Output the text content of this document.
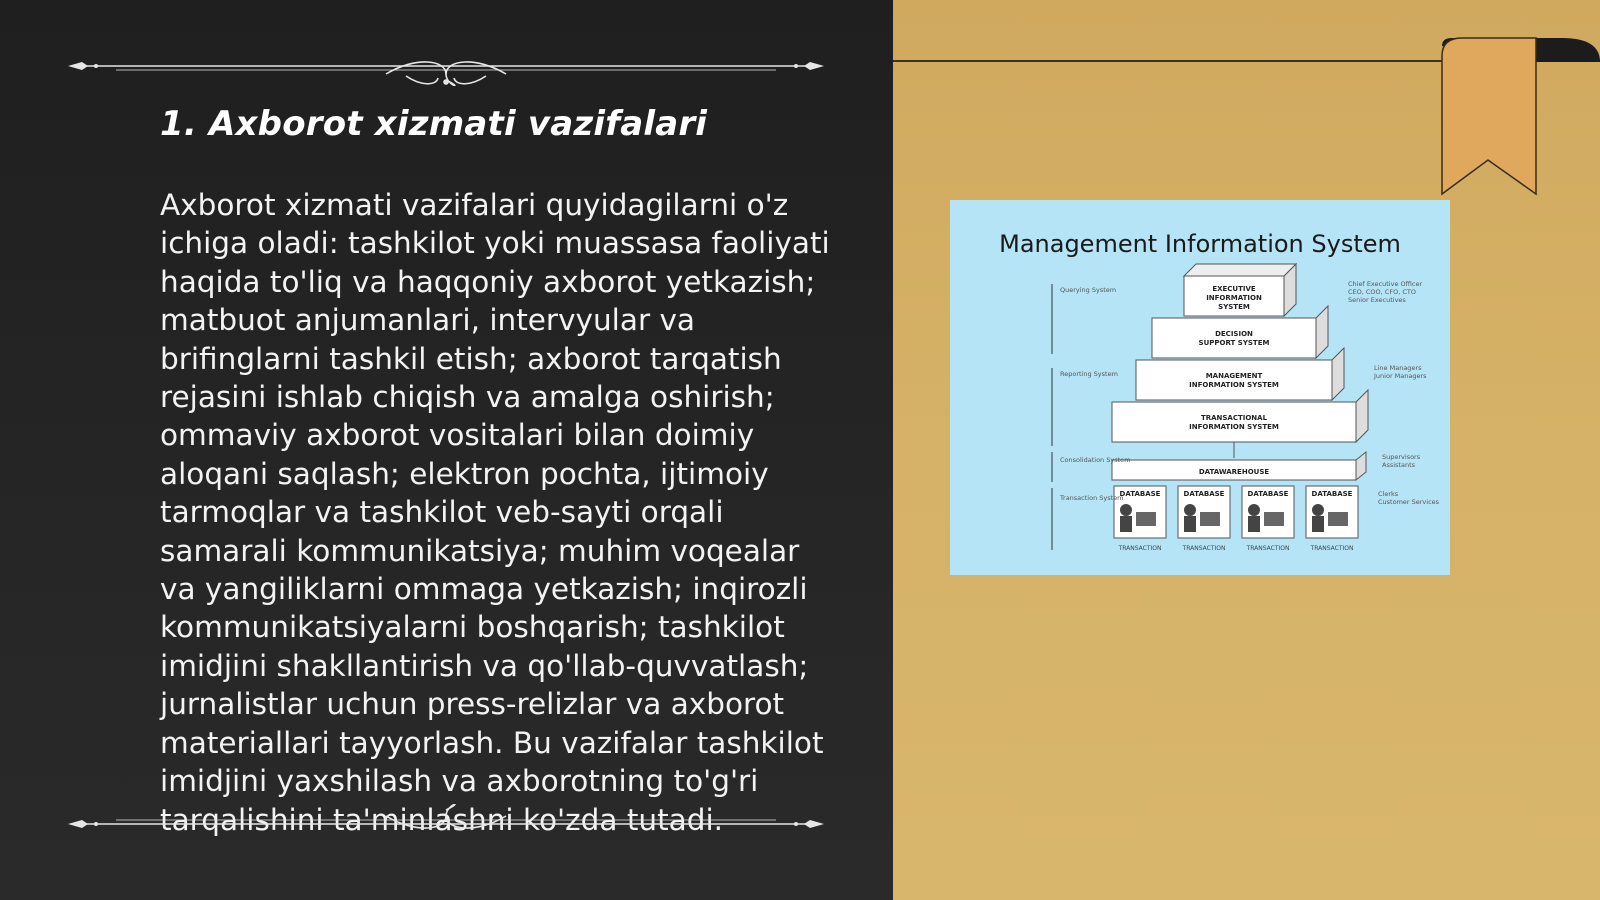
1. Axborot xizmati vazifalari

Axborot xizmati vazifalari quyidagilarni o'z ichiga oladi: tashkilot yoki muassasa faoliyati haqida to'liq va haqqoniy axborot yetkazish; matbuot anjumanlari, intervyular va brifinglarni tashkil etish; axborot tarqatish rejasini ishlab chiqish va amalga oshirish; ommaviy axborot vositalari bilan doimiy aloqani saqlash; elektron pochta, ijtimoiy tarmoqlar va tashkilot veb-sayti orqali samarali kommunikatsiya; muhim voqealar va yangiliklarni ommaga yetkazish; inqirozli kommunikatsiyalarni boshqarish; tashkilot imidjini shakllantirish va qo'llab-quvvatlash; jurnalistlar uchun press-relizlar va axborot materiallari tayyorlash. Bu vazifalar tashkilot imidjini yaxshilash va axborotning to'g'ri tarqalishini ta'minlashni ko'zda tutadi.

Management Information System
EXECUTIVE
INFORMATION
SYSTEM
DECISION
SUPPORT SYSTEM
MANAGEMENT
INFORMATION SYSTEM
TRANSACTIONAL
INFORMATION SYSTEM
DATAWAREHOUSE
DATABASE	DATABASE	DATABASE	DATABASE
TRANSACTION	TRANSACTION	TRANSACTION	TRANSACTION
Querying System
Reporting System
Consolidation System
Transaction System
Chief Executive Officer
CEO, COO, CFO, CTO
Senior Executives
Line Managers
Junior Managers
Supervisors
Assistants
Clerks
Customer Services
